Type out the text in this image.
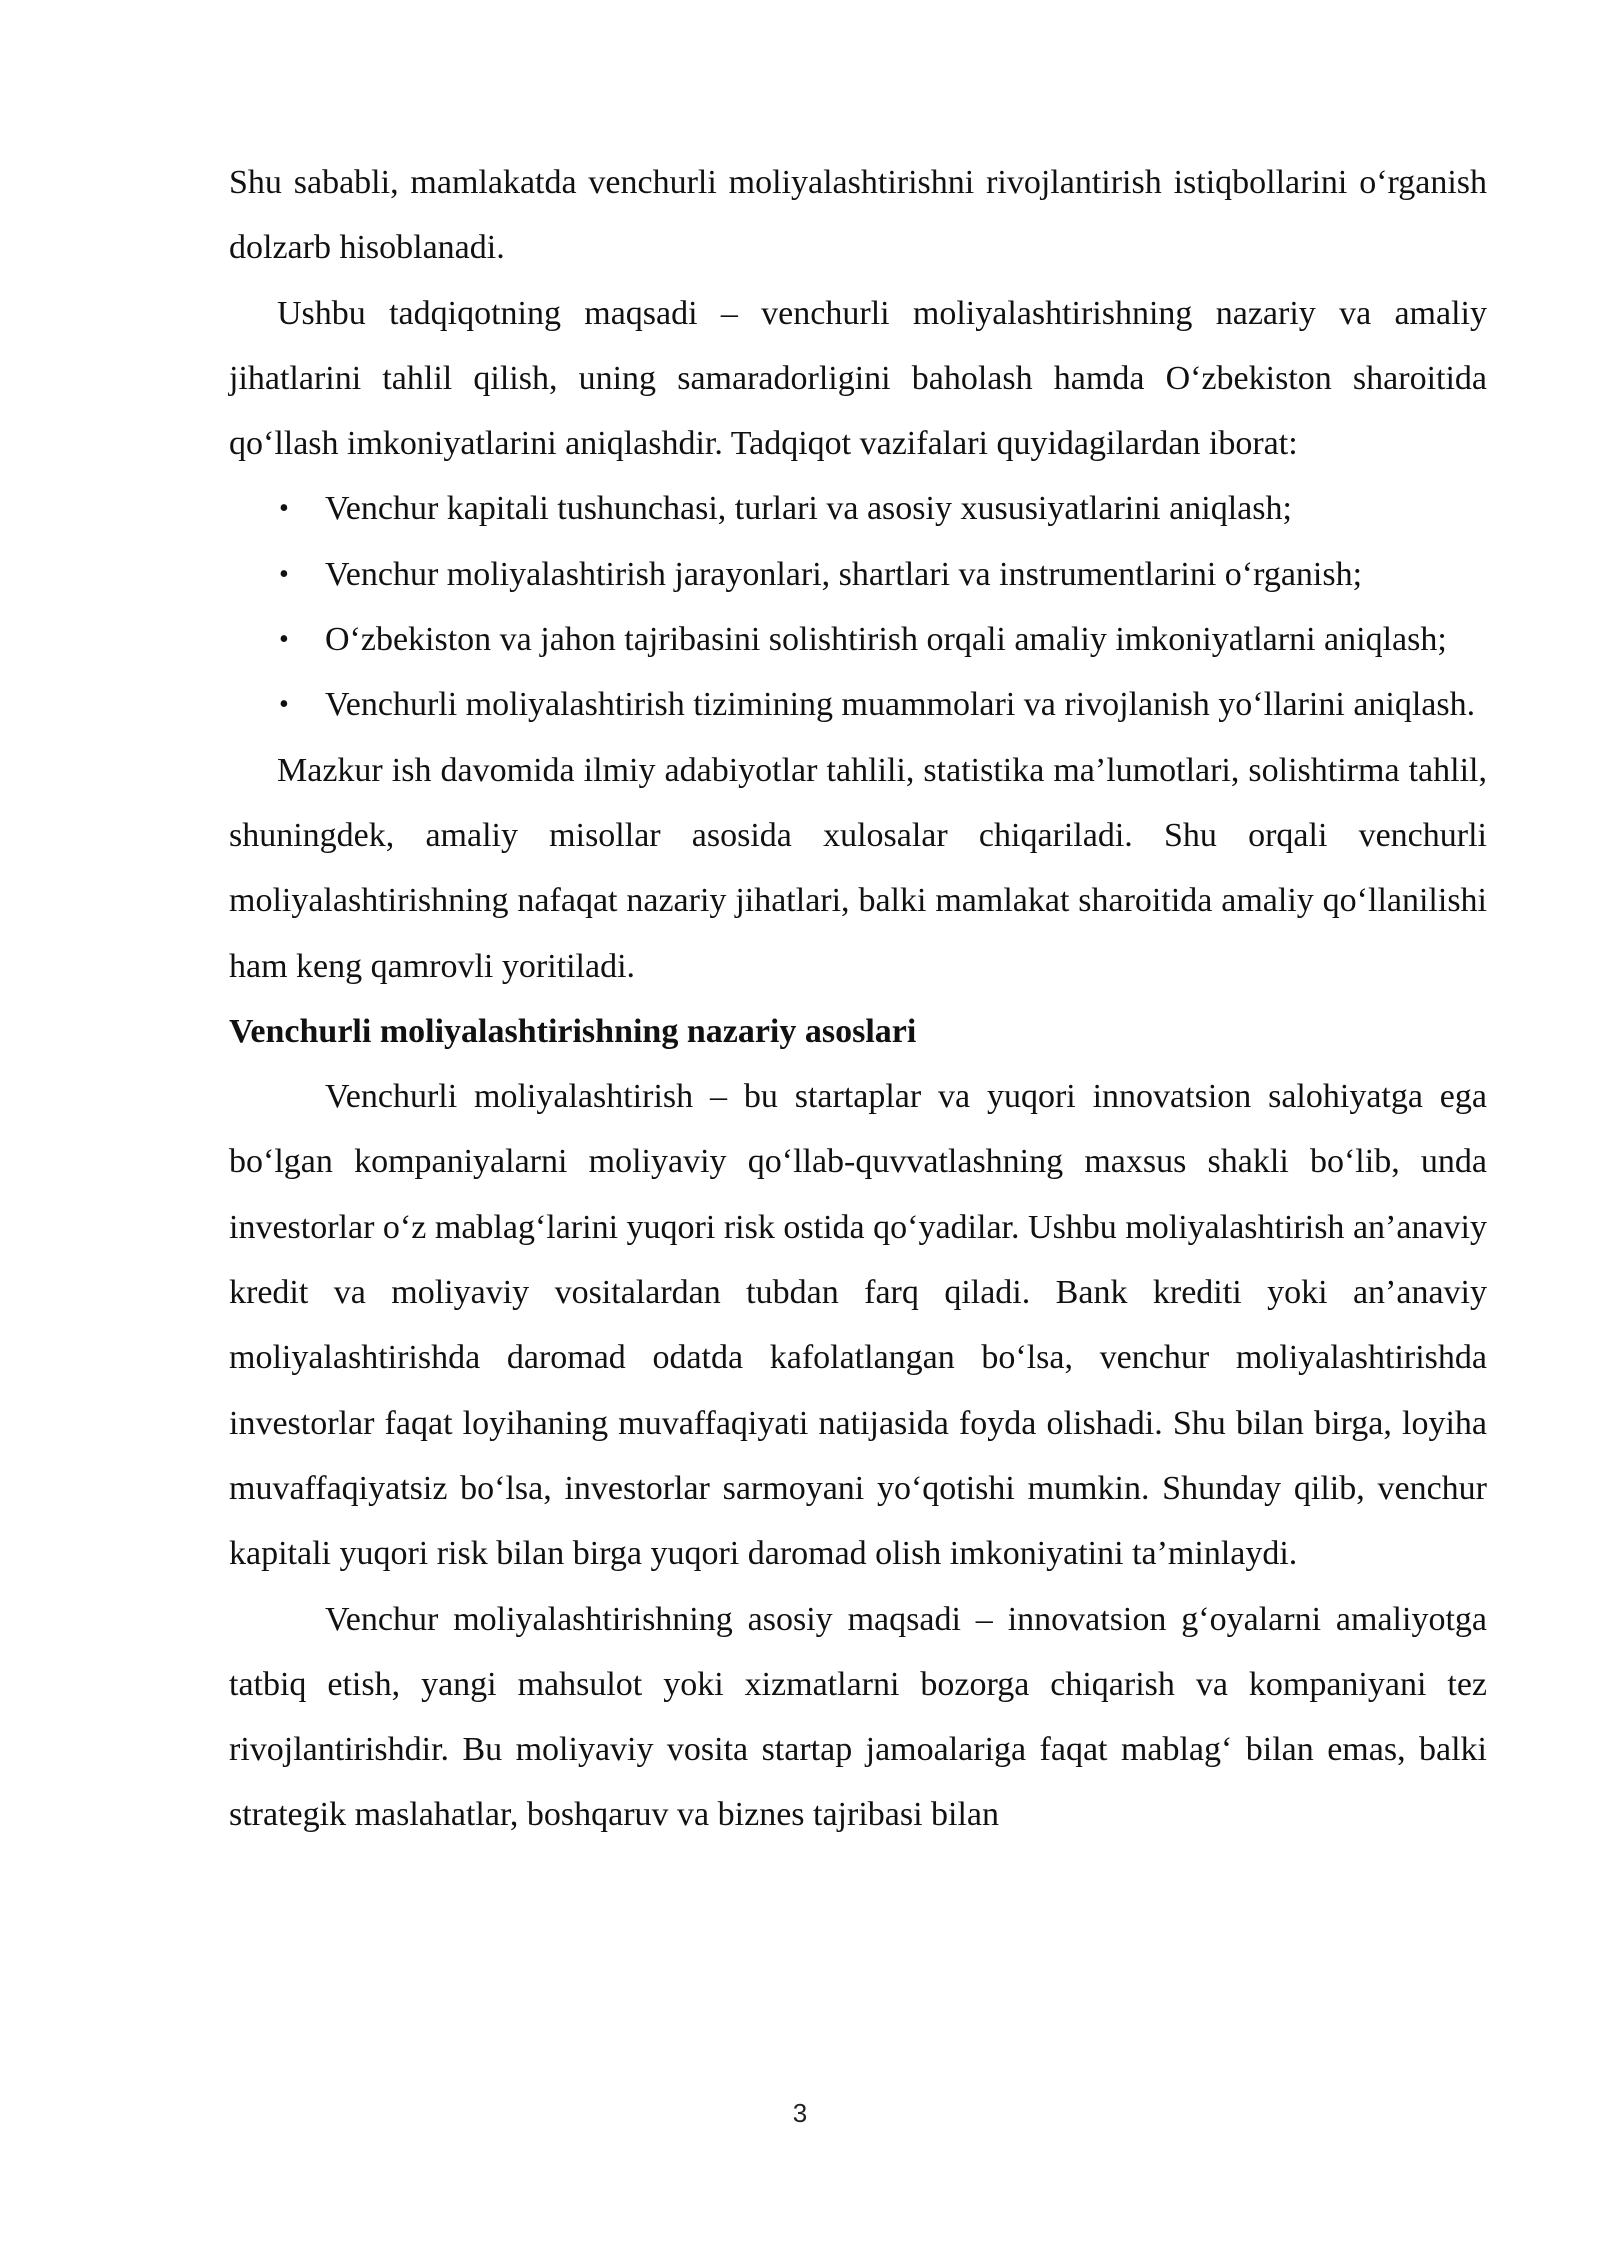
Shu sababli, mamlakatda venchurli moliyalashtirishni rivojlantirish istiqbollarini o‘rganish dolzarb hisoblanadi.

Ushbu tadqiqotning maqsadi – venchurli moliyalashtirishning nazariy va amaliy jihatlarini tahlil qilish, uning samaradorligini baholash hamda O‘zbekiston sharoitida qo‘llash imkoniyatlarini aniqlashdir. Tadqiqot vazifalari quyidagilardan iborat:

• Venchur kapitali tushunchasi, turlari va asosiy xususiyatlarini aniqlash;
• Venchur moliyalashtirish jarayonlari, shartlari va instrumentlarini o‘rganish;
• O‘zbekiston va jahon tajribasini solishtirish orqali amaliy imkoniyatlarni aniqlash;
• Venchurli moliyalashtirish tizimining muammolari va rivojlanish yo‘llarini aniqlash.

Mazkur ish davomida ilmiy adabiyotlar tahlili, statistika ma’lumotlari, solishtirma tahlil, shuningdek, amaliy misollar asosida xulosalar chiqariladi. Shu orqali venchurli moliyalashtirishning nafaqat nazariy jihatlari, balki mamlakat sharoitida amaliy qo‘llanilishi ham keng qamrovli yoritiladi.

Venchurli moliyalashtirishning nazariy asoslari

Venchurli moliyalashtirish – bu startaplar va yuqori innovatsion salohiyatga ega bo‘lgan kompaniyalarni moliyaviy qo‘llab-quvvatlashning maxsus shakli bo‘lib, unda investorlar o‘z mablag‘larini yuqori risk ostida qo‘yadilar. Ushbu moliyalashtirish an’anaviy kredit va moliyaviy vositalardan tubdan farq qiladi. Bank krediti yoki an’anaviy moliyalashtirishda daromad odatda kafolatlangan bo‘lsa, venchur moliyalashtirishda investorlar faqat loyihaning muvaffaqiyati natijasida foyda olishadi. Shu bilan birga, loyiha muvaffaqiyatsiz bo‘lsa, investorlar sarmoyani yo‘qotishi mumkin. Shunday qilib, venchur kapitali yuqori risk bilan birga yuqori daromad olish imkoniyatini ta’minlaydi.

Venchur moliyalashtirishning asosiy maqsadi – innovatsion g‘oyalarni amaliyotga tatbiq etish, yangi mahsulot yoki xizmatlarni bozorga chiqarish va kompaniyani tez rivojlantirishdir. Bu moliyaviy vosita startap jamoalariga faqat mablag‘ bilan emas, balki strategik maslahatlar, boshqaruv va biznes tajribasi bilan

3
